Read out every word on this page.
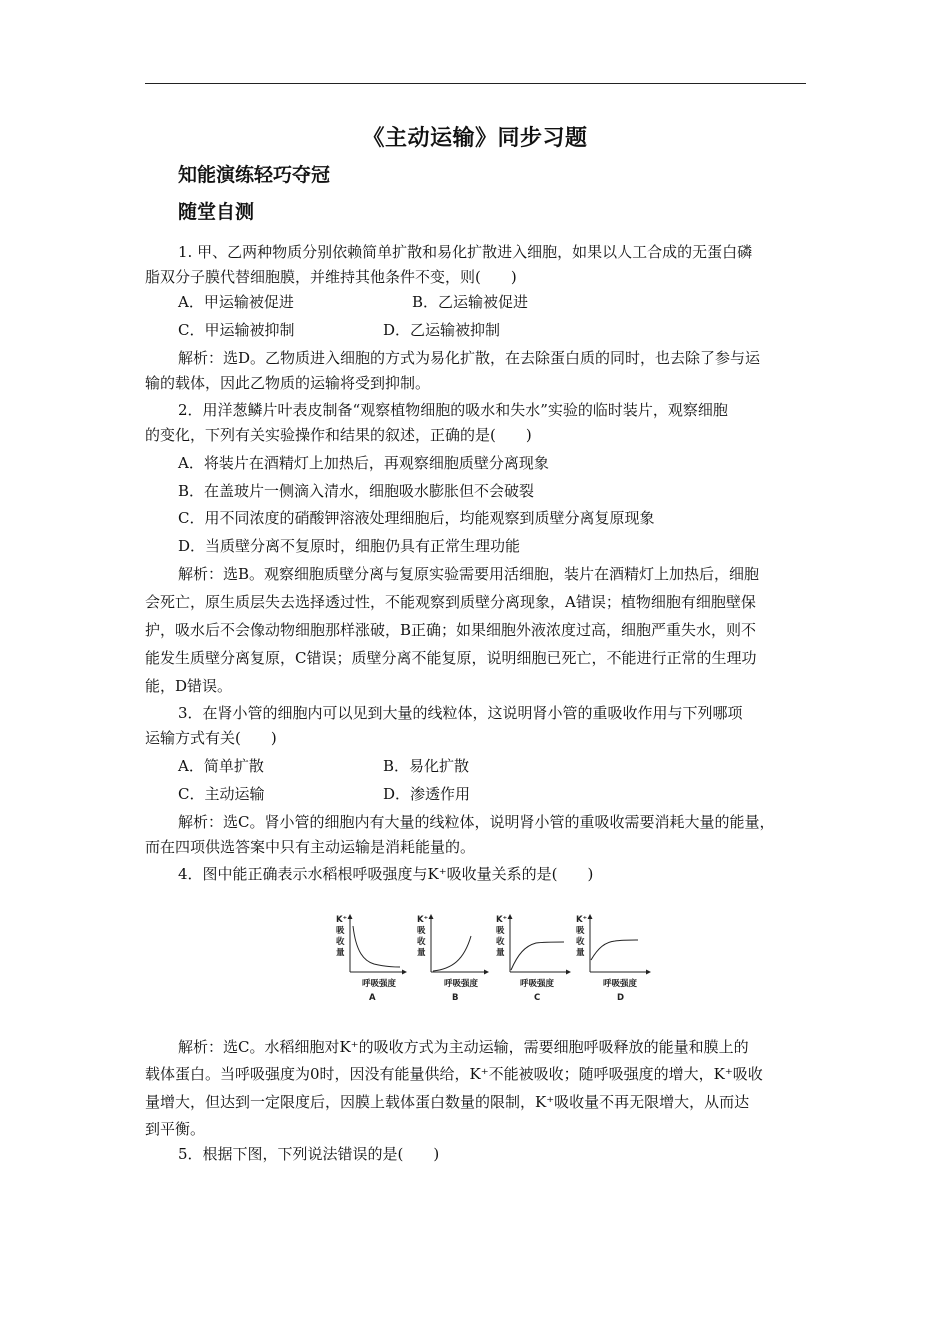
《主动运输》同步习题
知能演练轻巧夺冠
随堂自测
1. 甲、乙两种物质分别依赖简单扩散和易化扩散进入细胞，如果以人工合成的无蛋白磷
脂双分子膜代替细胞膜，并维持其他条件不变，则(　　)
A．甲运输被促进	B．乙运输被促进
C．甲运输被抑制	D．乙运输被抑制
解析：选D。乙物质进入细胞的方式为易化扩散，在去除蛋白质的同时，也去除了参与运
输的载体，因此乙物质的运输将受到抑制。
2．用洋葱鳞片叶表皮制备“观察植物细胞的吸水和失水”实验的临时装片，观察细胞
的变化，下列有关实验操作和结果的叙述，正确的是(　　)
A．将装片在酒精灯上加热后，再观察细胞质壁分离现象
B．在盖玻片一侧滴入清水，细胞吸水膨胀但不会破裂
C．用不同浓度的硝酸钾溶液处理细胞后，均能观察到质壁分离复原现象
D．当质壁分离不复原时，细胞仍具有正常生理功能
解析：选B。观察细胞质壁分离与复原实验需要用活细胞，装片在酒精灯上加热后，细胞
会死亡，原生质层失去选择透过性，不能观察到质壁分离现象，A错误；植物细胞有细胞壁保
护，吸水后不会像动物细胞那样涨破，B正确；如果细胞外液浓度过高，细胞严重失水，则不
能发生质壁分离复原，C错误；质壁分离不能复原，说明细胞已死亡，不能进行正常的生理功
能，D错误。
3．在肾小管的细胞内可以见到大量的线粒体，这说明肾小管的重吸收作用与下列哪项
运输方式有关(　　)
A．简单扩散	B．易化扩散
C．主动运输	D．渗透作用
解析：选C。肾小管的细胞内有大量的线粒体，说明肾小管的重吸收需要消耗大量的能量，
而在四项供选答案中只有主动运输是消耗能量的。
4．图中能正确表示水稻根呼吸强度与K⁺吸收量关系的是(　　)
K⁺
吸
收
量
A
K⁺
吸
收
量
呼吸强度
B
K⁺
吸
收
量
呼吸强度
C
K⁺
吸
收
量
呼吸强度
D
呼吸强度
解析：选C。水稻细胞对K⁺的吸收方式为主动运输，需要细胞呼吸释放的能量和膜上的
载体蛋白。当呼吸强度为0时，因没有能量供给，K⁺不能被吸收；随呼吸强度的增大，K⁺吸收
量增大，但达到一定限度后，因膜上载体蛋白数量的限制，K⁺吸收量不再无限增大，从而达
到平衡。
5．根据下图，下列说法错误的是(　　)
